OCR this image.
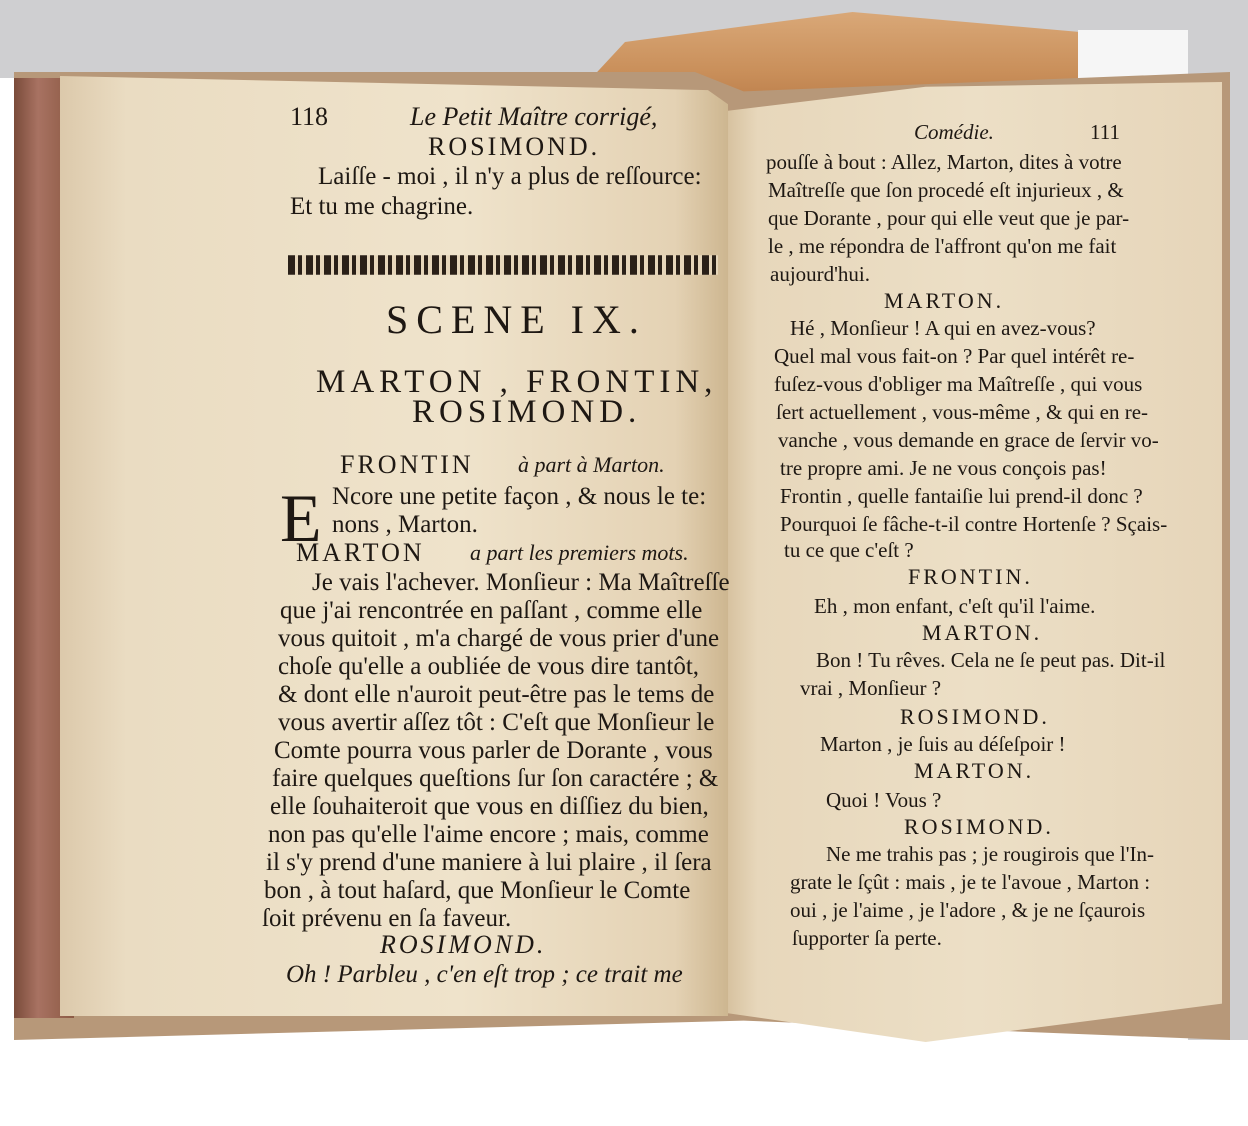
118	Le Petit Maître corrigé,
ROSIMOND.
Laiſſe - moi , il n'y a plus de reſſource:
Et tu me chagrine.
SCENE IX.
MARTON , FRONTIN,
ROSIMOND.
FRONTIN à part à Marton.
E Ncore une petite façon , & nous le te:
nons , Marton.
MARTON a part les premiers mots.
Je vais l'achever. Monſieur : Ma Maîtreſſe
que j'ai rencontrée en paſſant , comme elle
vous quitoit , m'a chargé de vous prier d'une
choſe qu'elle a oubliée de vous dire tantôt,
& dont elle n'auroit peut-être pas le tems de
vous avertir aſſez tôt : C'eſt que Monſieur le
Comte pourra vous parler de Dorante , vous
faire quelques queſtions ſur ſon caractére ; &
elle ſouhaiteroit que vous en diſſiez du bien,
non pas qu'elle l'aime encore ; mais, comme
il s'y prend d'une maniere à lui plaire , il ſera
bon , à tout haſard, que Monſieur le Comte
ſoit prévenu en ſa faveur.
ROSIMOND.
Oh ! Parbleu , c'en eſt trop ; ce trait me
Comédie.	111
pouſſe à bout : Allez, Marton, dites à votre
Maîtreſſe que ſon procedé eſt injurieux , &
que Dorante , pour qui elle veut que je par-
le , me répondra de l'affront qu'on me fait
aujourd'hui.
MARTON.
Hé , Monſieur ! A qui en avez-vous?
Quel mal vous fait-on ? Par quel intérêt re-
fuſez-vous d'obliger ma Maîtreſſe , qui vous
ſert actuellement , vous-même , & qui en re-
vanche , vous demande en grace de ſervir vo-
tre propre ami. Je ne vous conçois pas!
Frontin , quelle fantaiſie lui prend-il donc ?
Pourquoi ſe fâche-t-il contre Hortenſe ? Sçais-
tu ce que c'eſt ?
FRONTIN.
Eh , mon enfant, c'eſt qu'il l'aime.
MARTON.
Bon ! Tu rêves. Cela ne ſe peut pas. Dit-il
vrai , Monſieur ?
ROSIMOND.
Marton , je ſuis au déſeſpoir !
MARTON.
Quoi ! Vous ?
ROSIMOND.
Ne me trahis pas ; je rougirois que l'In-
grate le ſçût : mais , je te l'avoue , Marton :
oui , je l'aime , je l'adore , & je ne ſçaurois
ſupporter ſa perte.
